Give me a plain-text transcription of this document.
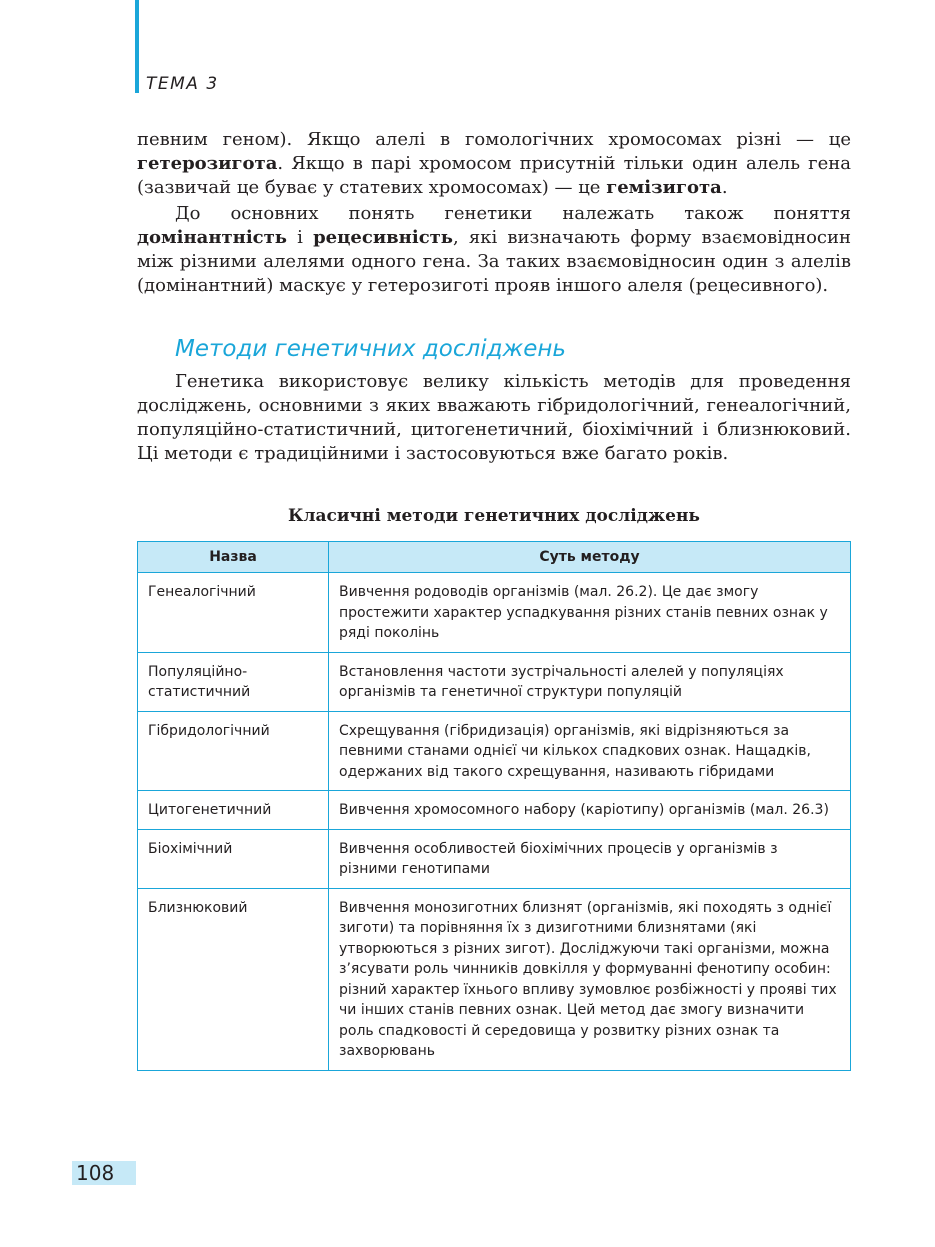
ТЕМА 3

певним геном). Якщо алелі в гомологічних хромосомах різні — це гетерозигота. Якщо в парі хромосом присутній тільки один алель гена (зазвичай це буває у статевих хромосомах) — це гемізигота.

До основних понять генетики належать також поняття домінантність і рецесивність, які визначають форму взаємовідносин між різними алелями одного гена. За таких взаємовідносин один з алелів (домінантний) маскує у гетерозиготі прояв іншого алеля (рецесивного).

Методи генетичних досліджень

Генетика використовує велику кількість методів для проведення досліджень, основними з яких вважають гібридологічний, генеалогічний, популяційно-статистичний, цитогенетичний, біохімічний і близнюковий. Ці методи є традиційними і застосовуються вже багато років.

Класичні методи генетичних досліджень

Назва	Суть методу
Генеалогічний	Вивчення родоводів організмів (мал. 26.2). Це дає змогу простежити характер успадкування різних станів певних ознак у ряді поколінь
Популяційно-статистичний	Встановлення частоти зустрічальності алелей у популяціях організмів та генетичної структури популяцій
Гібридологічний	Схрещування (гібридизація) організмів, які відрізняються за певними станами однієї чи кількох спадкових ознак. Нащадків, одержаних від такого схрещування, називають гібридами
Цитогенетичний	Вивчення хромосомного набору (каріотипу) організмів (мал. 26.3)
Біохімічний	Вивчення особливостей біохімічних процесів у організмів з різними генотипами
Близнюковий	Вивчення монозиготних близнят (організмів, які походять з однієї зиготи) та порівняння їх з дизиготними близнятами (які утворюються з різних зигот). Досліджуючи такі організми, можна з’ясувати роль чинників довкілля у формуванні фенотипу особин: різний характер їхнього впливу зумовлює розбіжності у прояві тих чи інших станів певних ознак. Цей метод дає змогу визначити роль спадковості й середовища у розвитку різних ознак та захворювань
108
